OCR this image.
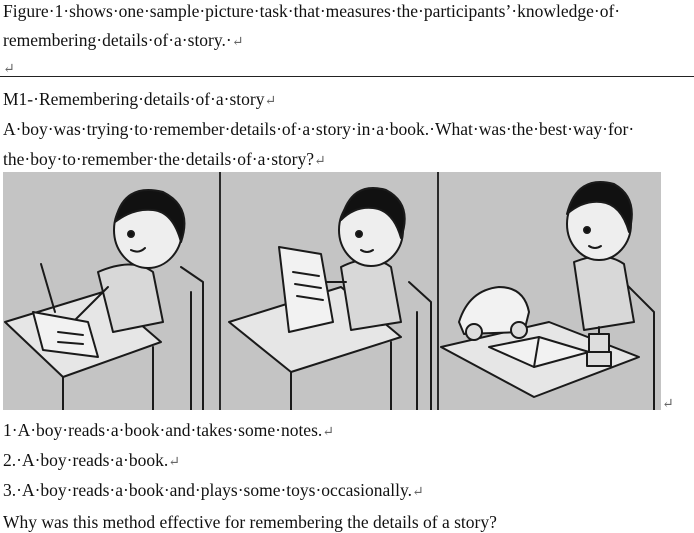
Figure·1·shows·one·sample·picture·task·that·measures·the·participants’·knowledge·of·
remembering·details·of·a·story.·↵
↵
M1-·Remembering·details·of·a·story↵
A·boy·was·trying·to·remember·details·of·a·story·in·a·book.·What·was·the·best·way·for·
the·boy·to·remember·the·details·of·a·story?↵
↵
1·A·boy·reads·a·book·and·takes·some·notes.↵
2.·A·boy·reads·a·book.↵
3.·A·boy·reads·a·book·and·plays·some·toys·occasionally.↵
Why was this method effective for remembering the details of a story?
